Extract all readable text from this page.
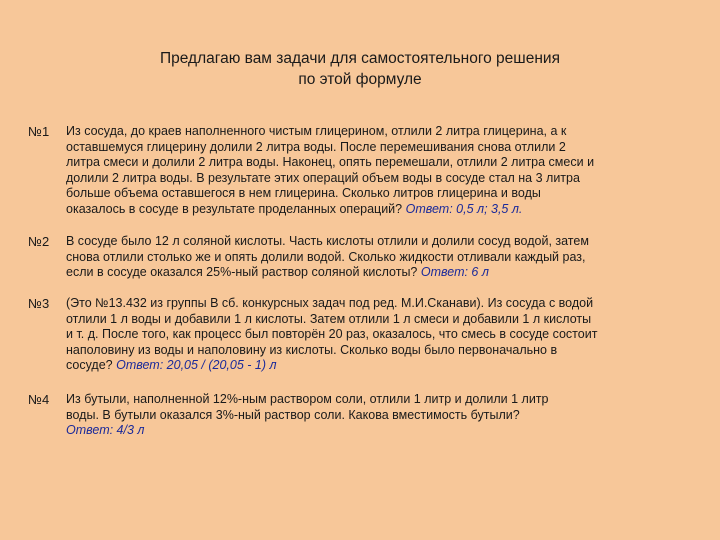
Предлагаю вам задачи для самостоятельного решения
по этой формуле
№1 Из сосуда, до краев наполненного чистым глицерином, отлили 2 литра глицерина, а к
оставшемуся глицерину долили 2 литра воды. После перемешивания снова отлили 2
литра смеси и долили 2 литра воды. Наконец, опять перемешали, отлили 2 литра смеси и
долили 2 литра воды. В результате этих операций объем воды в сосуде стал на 3 литра
больше объема оставшегося в нем глицерина. Сколько литров глицерина и воды
оказалось в сосуде в результате проделанных операций? Ответ: 0,5 л; 3,5 л.
№2 В сосуде было 12 л соляной кислоты. Часть кислоты отлили и долили сосуд водой, затем
снова отлили столько же и опять долили водой. Сколько жидкости отливали каждый раз,
если в сосуде оказался 25%-ный раствор соляной кислоты? Ответ: 6 л
№3 (Это №13.432 из группы В сб. конкурсных задач под ред. М.И.Сканави). Из сосуда с водой
отлили 1 л воды и добавили 1 л кислоты. Затем отлили 1 л смеси и добавили 1 л кислоты
и т. д. После того, как процесс был повторён 20 раз, оказалось, что смесь в сосуде состоит
наполовину из воды и наполовину из кислоты. Сколько воды было первоначально в
сосуде? Ответ: 20,05 / (20,05 - 1) л
№4 Из бутыли, наполненной 12%-ным раствором соли, отлили 1 литр и долили 1 литр
воды. В бутыли оказался 3%-ный раствор соли. Какова вместимость бутыли?
Ответ: 4/3 л
